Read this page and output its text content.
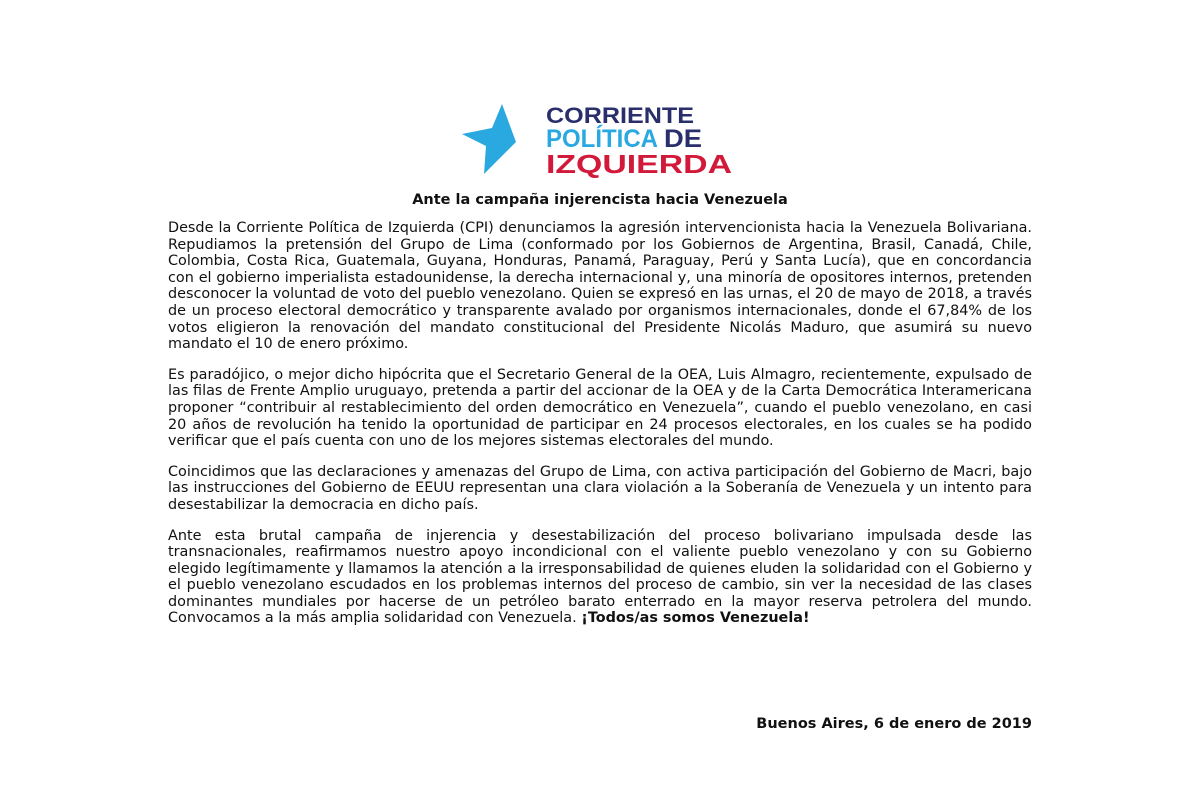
CORRIENTE
POLÍTICA DE
IZQUIERDA
Ante la campaña injerencista hacia Venezuela

Desde la Corriente Política de Izquierda (CPI) denunciamos la agresión intervencionista hacia la Venezuela Bolivariana. Repudiamos la pretensión del Grupo de Lima (conformado por los Gobiernos de Argentina, Brasil, Canadá, Chile, Colombia, Costa Rica, Guatemala, Guyana, Honduras, Panamá, Paraguay, Perú y Santa Lucía), que en concordancia con el gobierno imperialista estadounidense, la derecha internacional y, una minoría de opositores internos, pretenden desconocer la voluntad de voto del pueblo venezolano. Quien se expresó en las urnas, el 20 de mayo de 2018, a través de un proceso electoral democrático y transparente avalado por organismos internacionales, donde el 67,84% de los votos eligieron la renovación del mandato constitucional del Presidente Nicolás Maduro, que asumirá su nuevo mandato el 10 de enero próximo.

Es paradójico, o mejor dicho hipócrita que el Secretario General de la OEA, Luis Almagro, recientemente, expulsado de las filas de Frente Amplio uruguayo, pretenda a partir del accionar de la OEA y de la Carta Democrática Interamericana proponer “contribuir al restablecimiento del orden democrático en Venezuela”, cuando el pueblo venezolano, en casi 20 años de revolución ha tenido la oportunidad de participar en 24 procesos electorales, en los cuales se ha podido verificar que el país cuenta con uno de los mejores sistemas electorales del mundo.

Coincidimos que las declaraciones y amenazas del Grupo de Lima, con activa participación del Gobierno de Macri, bajo las instrucciones del Gobierno de EEUU representan una clara violación a la Soberanía de Venezuela y un intento para desestabilizar la democracia en dicho país.

Ante esta brutal campaña de injerencia y desestabilización del proceso bolivariano impulsada desde las transnacionales, reafirmamos nuestro apoyo incondicional con el valiente pueblo venezolano y con su Gobierno elegido legítimamente y llamamos la atención a la irresponsabilidad de quienes eluden la solidaridad con el Gobierno y el pueblo venezolano escudados en los problemas internos del proceso de cambio, sin ver la necesidad de las clases dominantes mundiales por hacerse de un petróleo barato enterrado en la mayor reserva petrolera del mundo. Convocamos a la más amplia solidaridad con Venezuela. ¡Todos/as somos Venezuela!

Buenos Aires, 6 de enero de 2019
